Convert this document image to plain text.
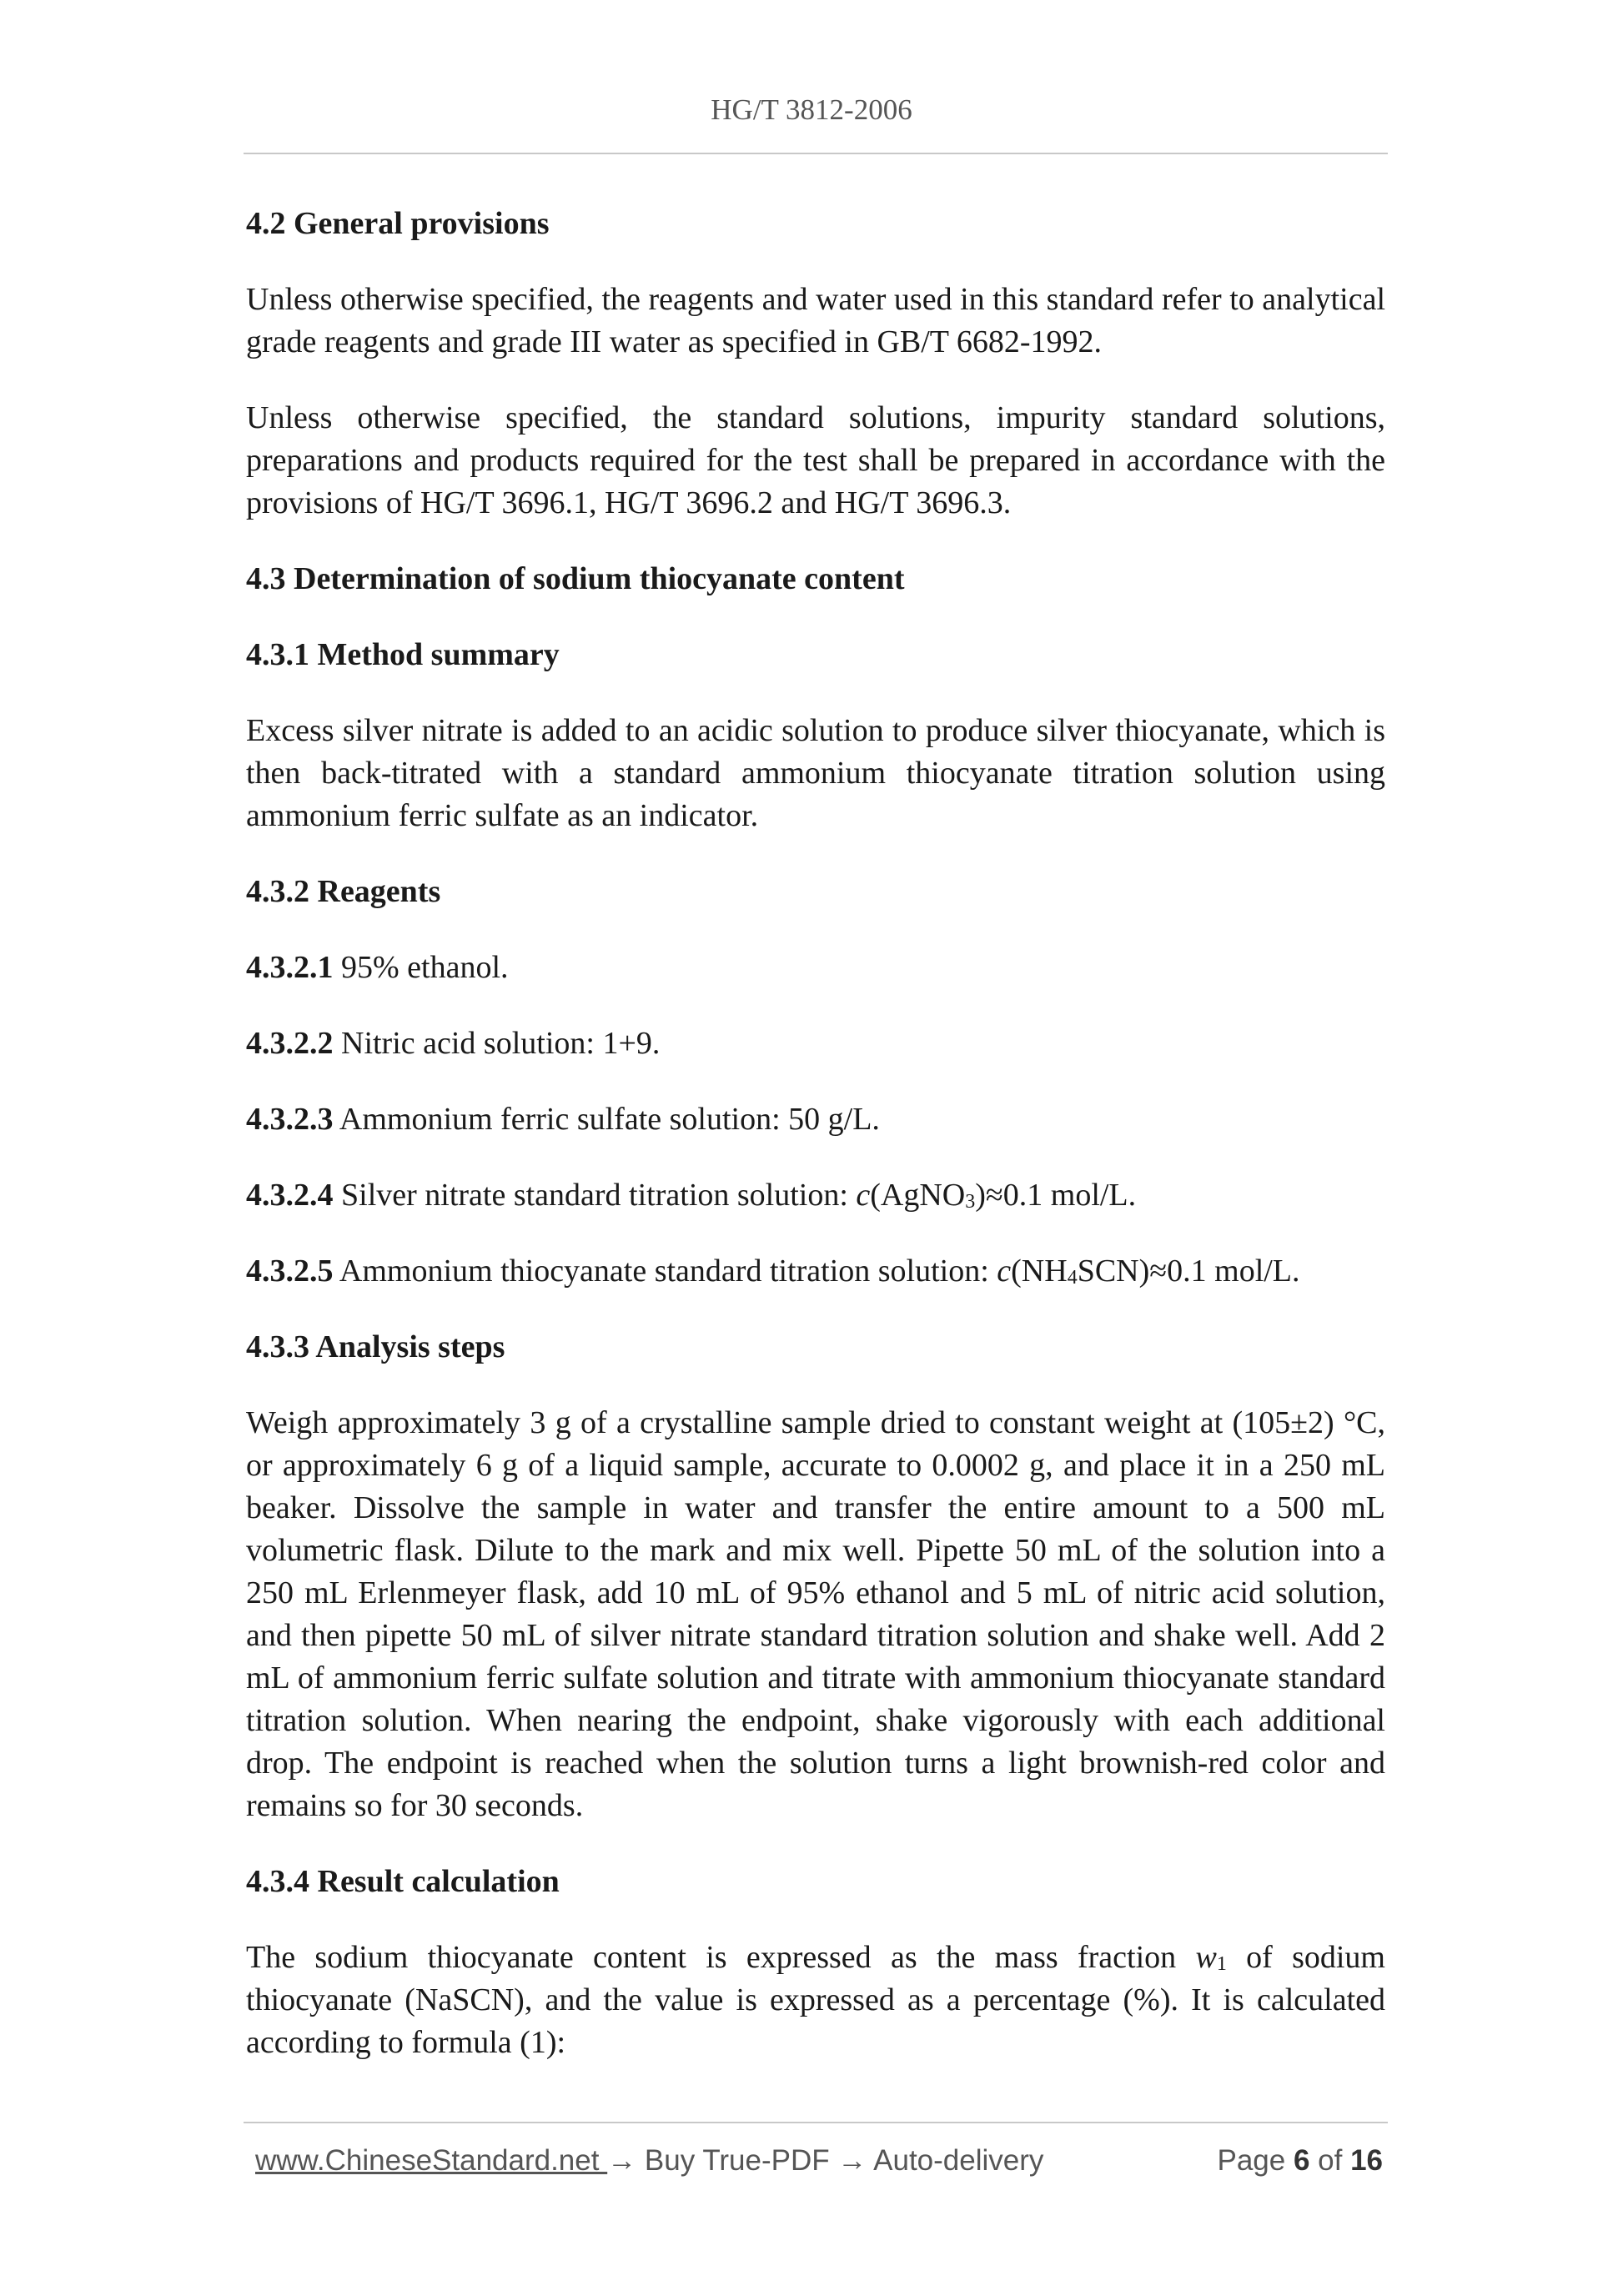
HG/T 3812-2006
4.2 General provisions

Unless otherwise specified, the reagents and water used in this standard refer to analytical grade reagents and grade III water as specified in GB/T 6682-1992.

Unless otherwise specified, the standard solutions, impurity standard solutions, preparations and products required for the test shall be prepared in accordance with the provisions of HG/T 3696.1, HG/T 3696.2 and HG/T 3696.3.

4.3 Determination of sodium thiocyanate content
4.3.1 Method summary

Excess silver nitrate is added to an acidic solution to produce silver thiocyanate, which is then back-titrated with a standard ammonium thiocyanate titration solution using ammonium ferric sulfate as an indicator.

4.3.2 Reagents

4.3.2.1 95% ethanol.

4.3.2.2 Nitric acid solution: 1+9.

4.3.2.3 Ammonium ferric sulfate solution: 50 g/L.

4.3.2.4 Silver nitrate standard titration solution: c(AgNO$_3$)≈0.1 mol/L.

4.3.2.5 Ammonium thiocyanate standard titration solution: $c(NH_4SCN)\approx 0.1$ mol/L.

4.3.3 Analysis steps

Weigh approximately 3 g of a crystalline sample dried to constant weight at (105±2) °C, or approximately 6 g of a liquid sample, accurate to 0.0002 g, and place it in a 250 mL beaker. Dissolve the sample in water and transfer the entire amount to a 500 mL volumetric flask. Dilute to the mark and mix well. Pipette 50 mL of the solution into a 250 mL Erlenmeyer flask, add 10 mL of 95% ethanol and 5 mL of nitric acid solution, and then pipette 50 mL of silver nitrate standard titration solution and shake well. Add 2 mL of ammonium ferric sulfate solution and titrate with ammonium thiocyanate standard titration solution. When nearing the endpoint, shake vigorously with each additional drop. The endpoint is reached when the solution turns a light brownish-red color and remains so for 30 seconds.

4.3.4 Result calculation

The sodium thiocyanate content is expressed as the mass fraction $w_1$ of sodium thiocyanate (NaSCN), and the value is expressed as a percentage (%). It is calculated according to formula (1):

www.ChineseStandard.net → Buy True-PDF → Auto-delivery	Page 6 of 16
